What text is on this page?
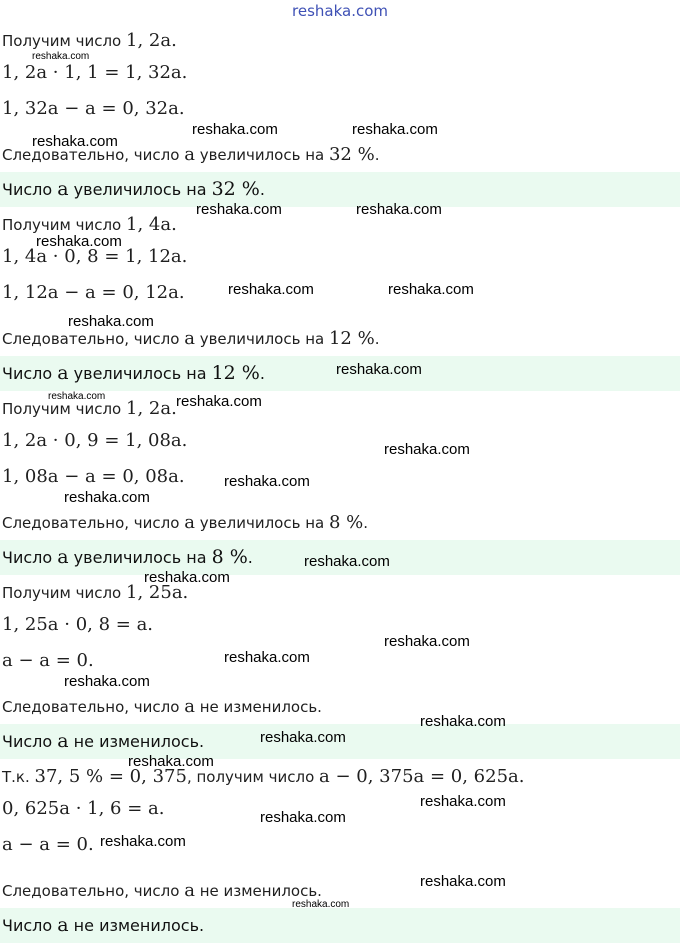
reshaka.com
Получим число 1, 2a.
1, 2a · 1, 1 = 1, 32a.
1, 32a − a = 0, 32a.
Следовательно, число a увеличилось на 32 %.
Число a увеличилось на 32 %.
Получим число 1, 4a.
1, 4a · 0, 8 = 1, 12a.
1, 12a − a = 0, 12a.
Следовательно, число a увеличилось на 12 %.
Число a увеличилось на 12 %.
Получим число 1, 2a.
1, 2a · 0, 9 = 1, 08a.
1, 08a − a = 0, 08a.
Следовательно, число a увеличилось на 8 %.
Число a увеличилось на 8 %.
Получим число 1, 25a.
1, 25a · 0, 8 = a.
a − a = 0.
Следовательно, число a не изменилось.
Число a не изменилось.
Т.к. 37, 5 % = 0, 375, получим число a − 0, 375a = 0, 625a.
0, 625a · 1, 6 = a.
a − a = 0.
Следовательно, число a не изменилось.
Число a не изменилось.
reshaka.com
reshaka.com
reshaka.com	reshaka.com
reshaka.com	reshaka.com
reshaka.com
reshaka.com	reshaka.com
reshaka.com
reshaka.com
reshaka.com	reshaka.com
reshaka.com
reshaka.com
reshaka.com
reshaka.com
reshaka.com
reshaka.com
reshaka.com
reshaka.com
reshaka.com
reshaka.com
reshaka.com
reshaka.com
reshaka.com
reshaka.com
reshaka.com
reshaka.com
